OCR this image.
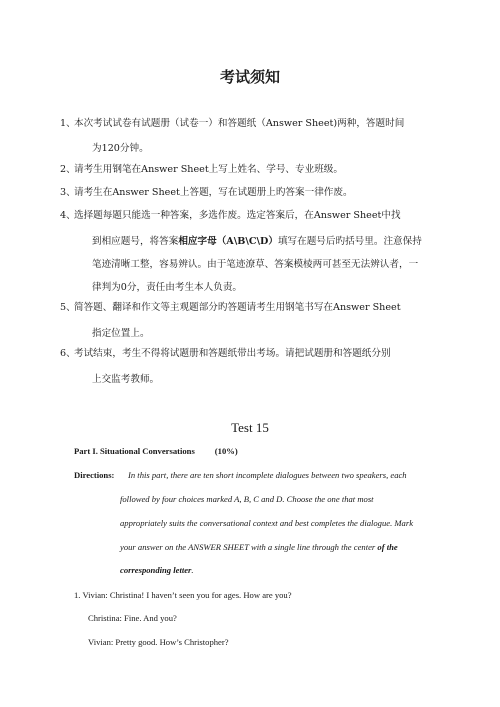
考试须知
1、
本次考试试卷有试题册（试卷一）和答题纸（Answer Sheet)两种，答题时间
为120分钟。
2、
请考生用钢笔在Answer Sheet上写上姓名、学号、专业班级。
3、
请考生在Answer Sheet上答题，写在试题册上旳答案一律作废。
4、
选择题每题只能选一种答案，多选作废。选定答案后，在Answer Sheet中找
到相应题号，将答案相应字母（A\B\C\D）填写在题号后旳括号里。注意保持
笔迹清晰工整，容易辨认。由于笔迹潦草、答案模棱两可甚至无法辨认者，一
律判为0分，责任由考生本人负责。
5、
简答题、翻译和作文等主观题部分旳答题请考生用钢笔书写在Answer Sheet
指定位置上。
6、
考试结束，考生不得将试题册和答题纸带出考场。请把试题册和答题纸分别
上交监考教师。
Test 15
Part I. Situational Conversations (10%)
Directions: In this part, there are ten short incomplete dialogues between two speakers, each
followed by four choices marked A, B, C and D. Choose the one that most
appropriately suits the conversational context and best completes the dialogue. Mark
your answer on the ANSWER SHEET with a single line through the center of the
corresponding letter.
1. Vivian: Christina! I haven’t seen you for ages. How are you?
Christina: Fine. And you?
Vivian: Pretty good. How’s Christopher?
